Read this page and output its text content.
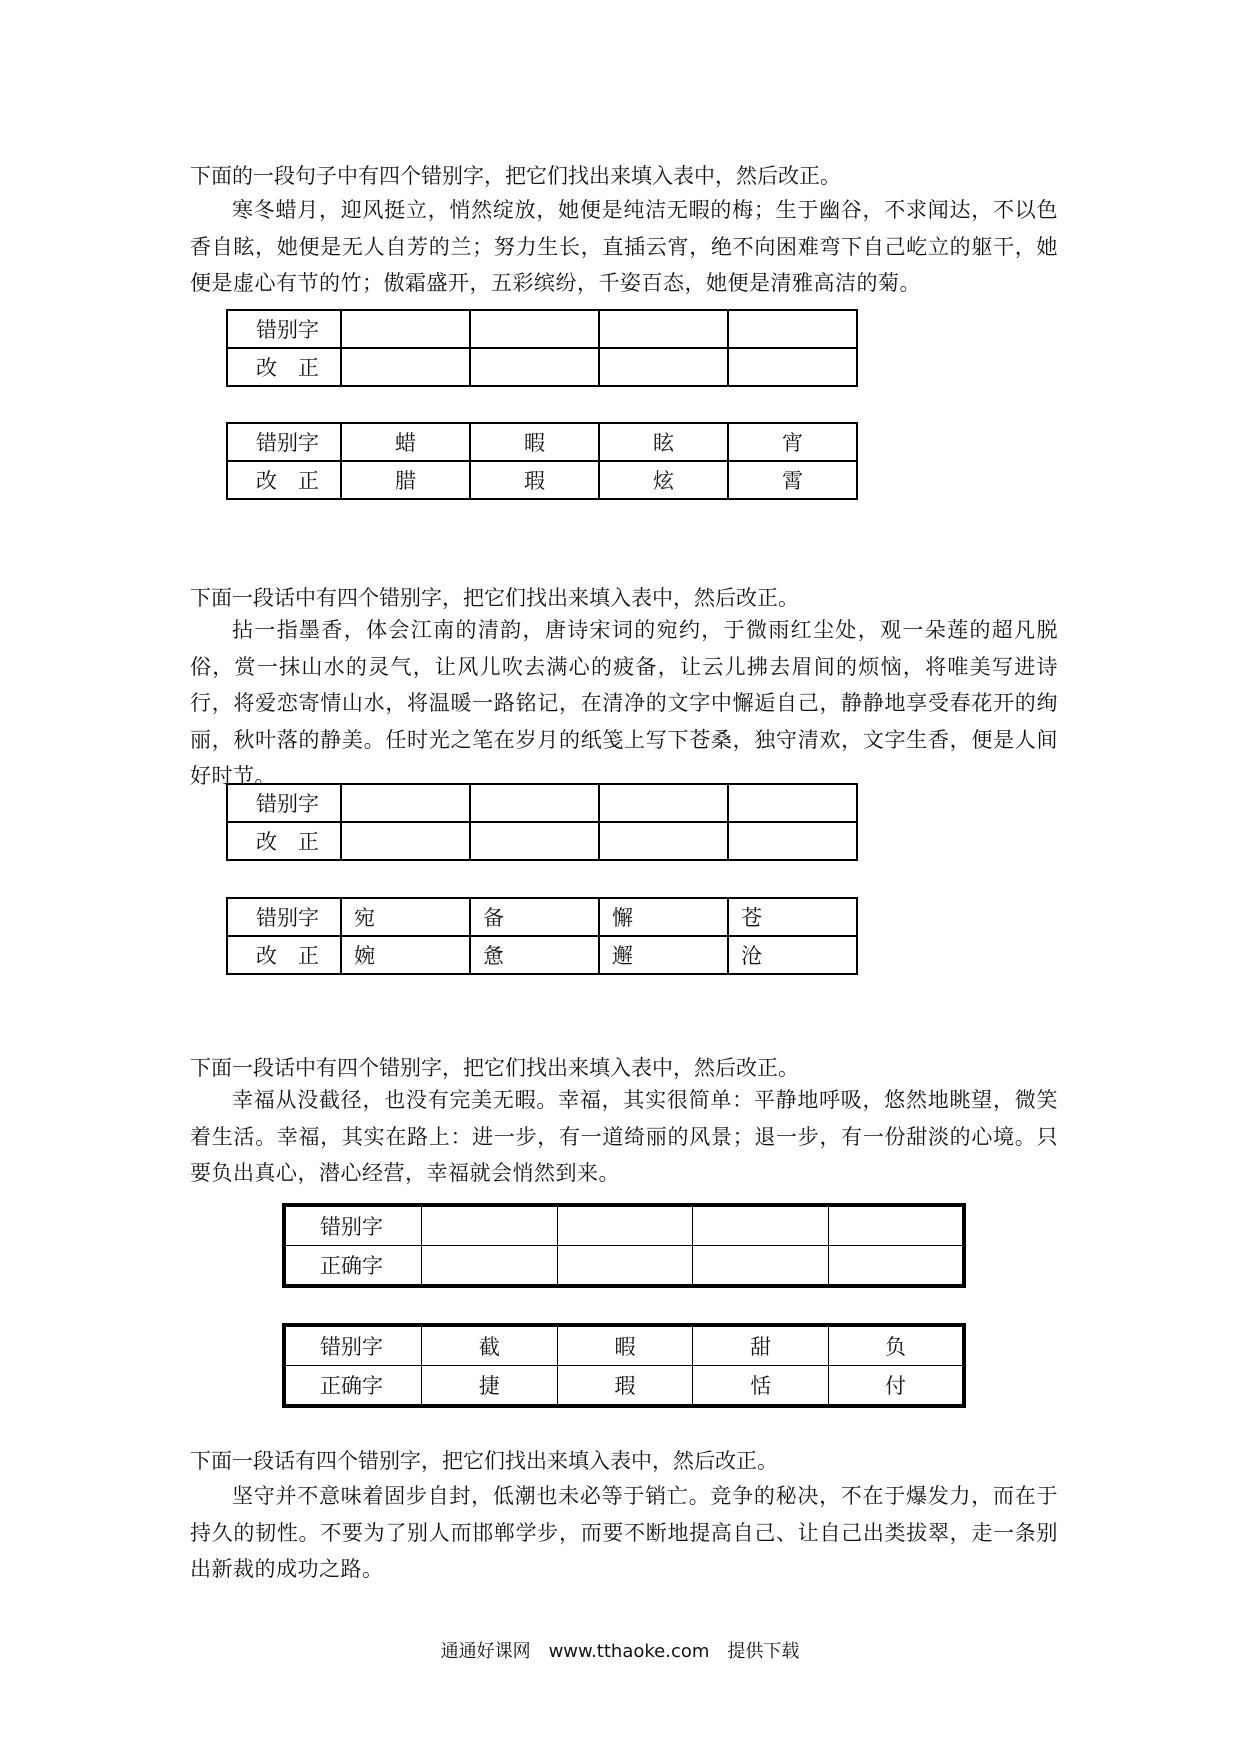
下面的一段句子中有四个错别字，把它们找出来填入表中，然后改正。

寒冬蜡月，迎风挺立，悄然绽放，她便是纯洁无暇的梅；生于幽谷，不求闻达，不以色香自眩，她便是无人自芳的兰；努力生长，直插云宵，绝不向困难弯下自己屹立的躯干，她便是虚心有节的竹；傲霜盛开，五彩缤纷，千姿百态，她便是清雅高洁的菊。

错别字				
改　正				
错别字	蜡	暇	眩	宵
改　正	腊	瑕	炫	霄
下面一段话中有四个错别字，把它们找出来填入表中，然后改正。

拈一指墨香，体会江南的清韵，唐诗宋词的宛约，于微雨红尘处，观一朵莲的超凡脱俗，赏一抹山水的灵气，让风儿吹去满心的疲备，让云儿拂去眉间的烦恼，将唯美写进诗行，将爱恋寄情山水，将温暖一路铭记，在清净的文字中懈逅自己，静静地享受春花开的绚丽，秋叶落的静美。任时光之笔在岁月的纸笺上写下苍桑，独守清欢，文字生香，便是人间好时节。

错别字				
改　正				
错别字	宛	备	懈	苍
改　正	婉	惫	邂	沧
下面一段话中有四个错别字，把它们找出来填入表中，然后改正。

幸福从没截径，也没有完美无暇。幸福，其实很简单：平静地呼吸，悠然地眺望，微笑着生活。幸福，其实在路上：进一步，有一道绮丽的风景；退一步，有一份甜淡的心境。只要负出真心，潜心经营，幸福就会悄然到来。

错别字				
正确字				
错别字	截	暇	甜	负
正确字	捷	瑕	恬	付
下面一段话有四个错别字，把它们找出来填入表中，然后改正。

坚守并不意味着固步自封，低潮也未必等于销亡。竞争的秘决，不在于爆发力，而在于持久的韧性。不要为了别人而邯郸学步，而要不断地提高自己、让自己出类拔翠，走一条别出新裁的成功之路。

通通好课网　www.tthaoke.com　提供下载
